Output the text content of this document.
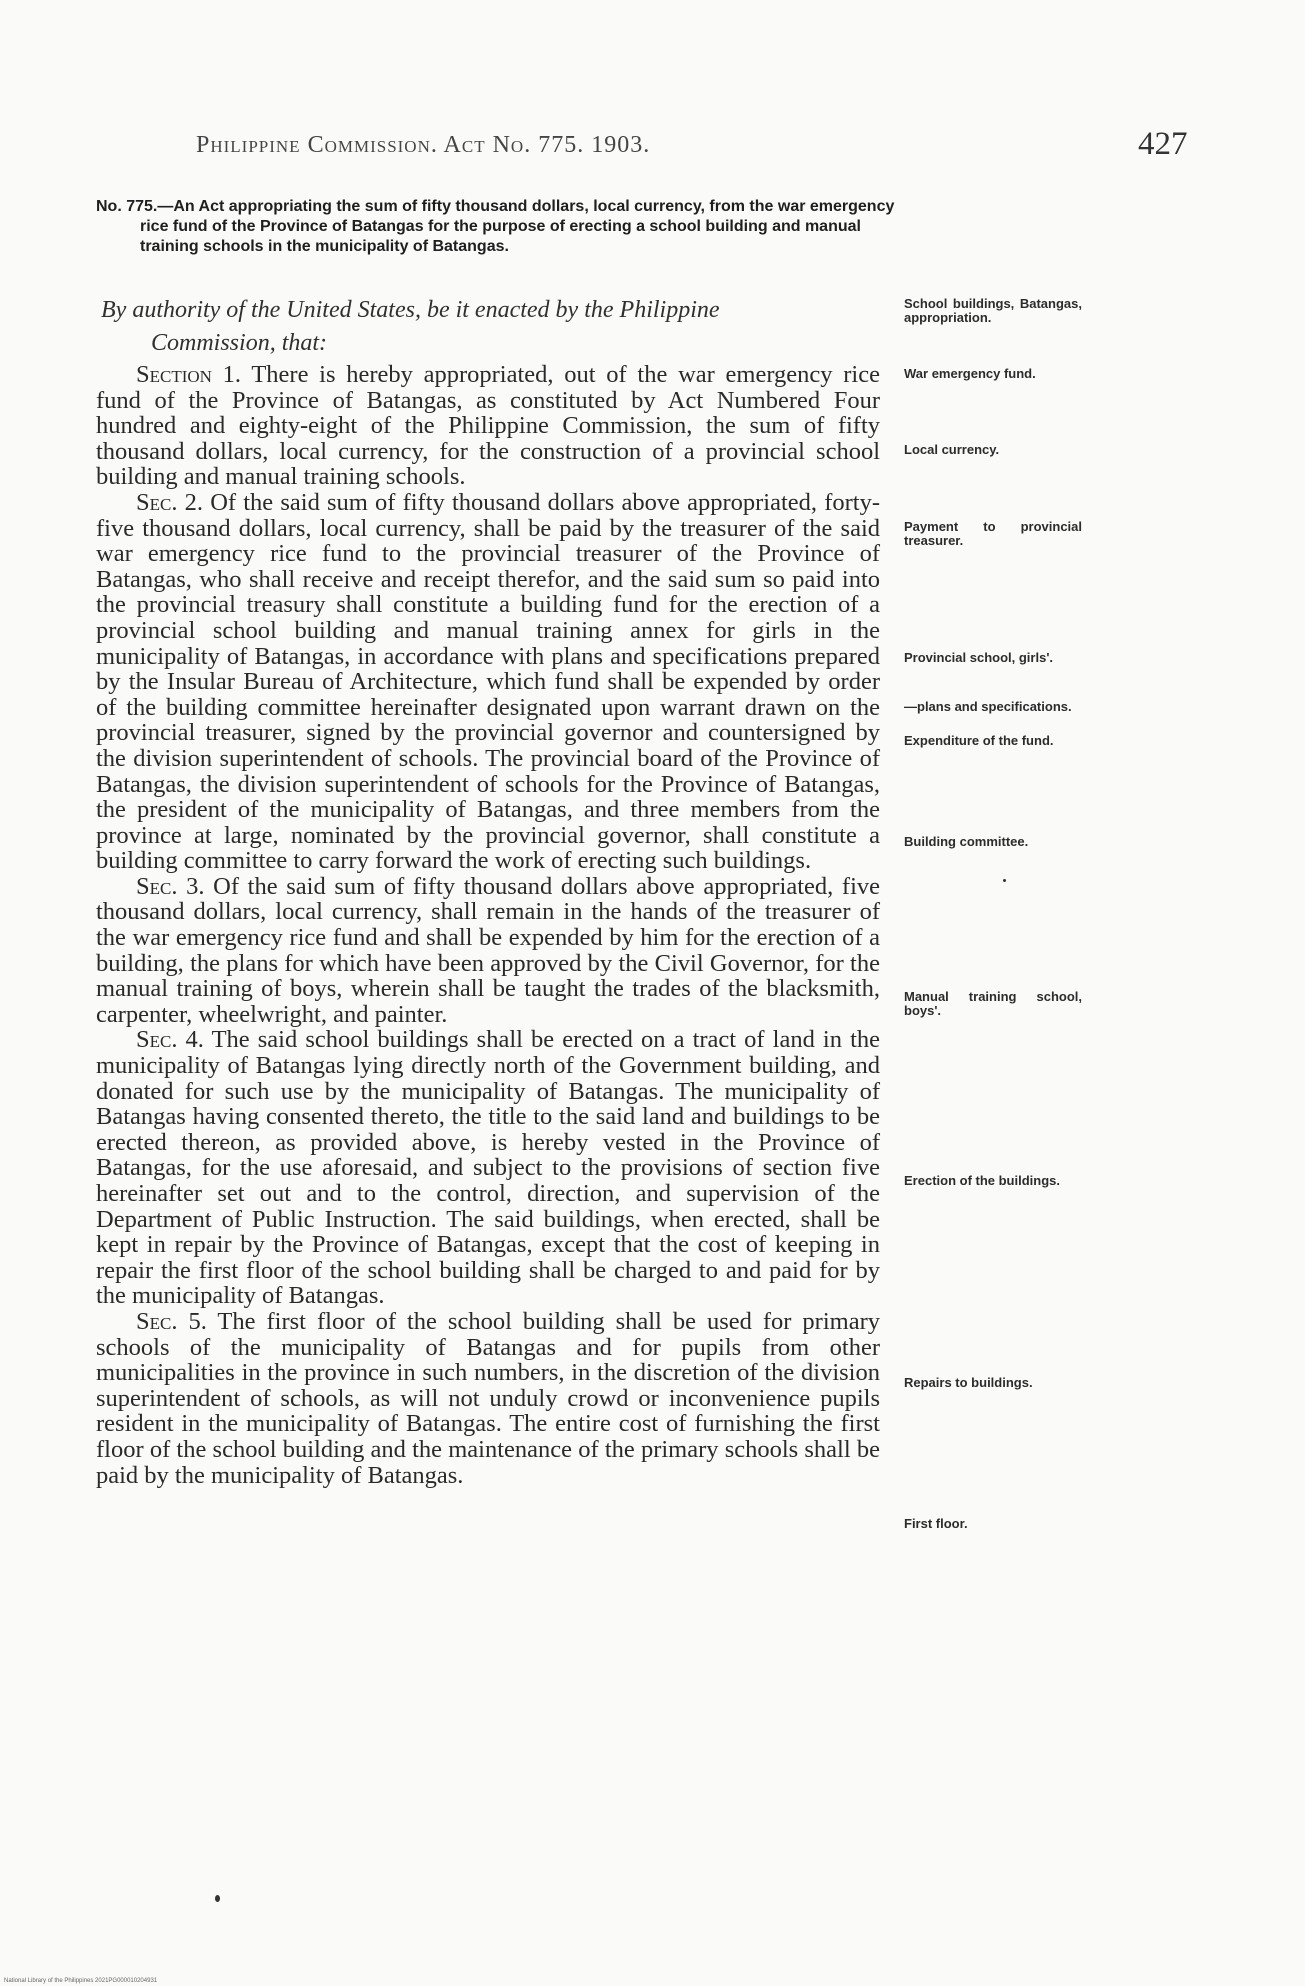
Philippine Commission. Act No. 775. 1903.	427
No. 775.—An Act appropriating the sum of fifty thousand dollars, local currency, from the war emergency rice fund of the Province of Batangas for the purpose of erecting a school building and manual training schools in the municipality of Batangas.
By authority of the United States, be it enacted by the Philippine
Commission, that:

Section 1. There is hereby appropriated, out of the war emergency rice fund of the Province of Batangas, as constituted by Act Numbered Four hundred and eighty-eight of the Philippine Commission, the sum of fifty thousand dollars, local currency, for the construction of a provincial school building and manual training schools.

Sec. 2. Of the said sum of fifty thousand dollars above appropriated, forty-five thousand dollars, local currency, shall be paid by the treasurer of the said war emergency rice fund to the provincial treasurer of the Province of Batangas, who shall receive and receipt therefor, and the said sum so paid into the provincial treasury shall constitute a building fund for the erection of a provincial school building and manual training annex for girls in the municipality of Batangas, in accordance with plans and specifications prepared by the Insular Bureau of Architecture, which fund shall be expended by order of the building committee hereinafter designated upon warrant drawn on the provincial treasurer, signed by the provincial governor and countersigned by the division superintendent of schools. The provincial board of the Province of Batangas, the division superintendent of schools for the Province of Batangas, the president of the municipality of Batangas, and three members from the province at large, nominated by the provincial governor, shall constitute a building committee to carry forward the work of erecting such buildings.

Sec. 3. Of the said sum of fifty thousand dollars above appropriated, five thousand dollars, local currency, shall remain in the hands of the treasurer of the war emergency rice fund and shall be expended by him for the erection of a building, the plans for which have been approved by the Civil Governor, for the manual training of boys, wherein shall be taught the trades of the blacksmith, carpenter, wheelwright, and painter.

Sec. 4. The said school buildings shall be erected on a tract of land in the municipality of Batangas lying directly north of the Government building, and donated for such use by the municipality of Batangas. The municipality of Batangas having consented thereto, the title to the said land and buildings to be erected thereon, as provided above, is hereby vested in the Province of Batangas, for the use aforesaid, and subject to the provisions of section five hereinafter set out and to the control, direction, and supervision of the Department of Public Instruction. The said buildings, when erected, shall be kept in repair by the Province of Batangas, except that the cost of keeping in repair the first floor of the school building shall be charged to and paid for by the municipality of Batangas.

Sec. 5. The first floor of the school building shall be used for primary schools of the municipality of Batangas and for pupils from other municipalities in the province in such numbers, in the discretion of the division superintendent of schools, as will not unduly crowd or inconvenience pupils resident in the municipality of Batangas. The entire cost of furnishing the first floor of the school building and the maintenance of the primary schools shall be paid by the municipality of Batangas.

School buildings, Batangas, appropriation.
War emergency fund.
Local currency.
Payment to provincial treasurer.
Provincial school, girls'.
—plans and specifications.
Expenditure of the fund.
Building committee.
Manual training school, boys'.
Erection of the buildings.
Repairs to buildings.
First floor.
National Library of the Philippines 2021PG000010204931
